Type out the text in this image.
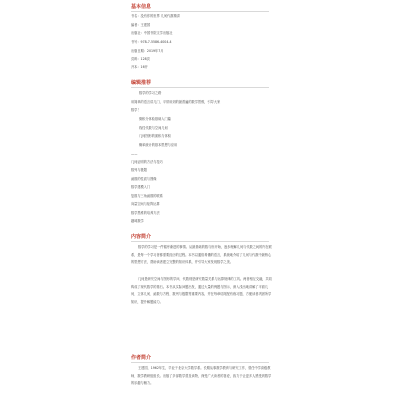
基本信息
书名：没有你的世界 几何代数精讲
编者：王建国
出版社：中国书院文学出版社
书号：978-7-5586-4004-4
出版日期：2019年7月
页码：128页
开本：16开
编辑推荐
数学的学习之路
用简单的语言讲几门，平常用到的最普遍的数学思维，引导大家
数学！
微积分体验基础入门篇
线性代数与空间几何
几何图形的面积与体积
概率统计的基本思想与应用
——
几何证明的方法与技巧
数列与极限
函数的性质与图像
数学建模入门
复数与三角函数的联系
向量空间与矩阵运算
数学思维的培养方法
趣味数学
内容简介

数学的学习是一件循序渐进的事情。从最基础的数与形开始，逐步理解几何与代数之间的内在联系，是每一个学习者都需要经历的过程。本书以通俗易懂的语言，系统地介绍了几何与代数中最核心的思想方法，帮助读者建立完整的知识体系，并引导大家发现数学之美。

几何是研究空间与图形的学问，代数则是研究数量关系与运算规律的工具。两者相互交融，共同构成了现代数学的基石。本书从实际问题出发，通过大量的例题与图示，深入浅出地讲解了平面几何、立体几何、函数与方程、数列与极限等重要内容，并在每章结尾配有练习题，方便读者巩固所学知识，提升解题能力。

作者简介

王建国，1962年生，毕业于北京大学数学系。长期从事数学教育与研究工作，曾任中学高级教师、数学教研组组长。出版了多部数学普及读物，深受广大读者的喜爱，致力于让更多人感受到数学的乐趣与魅力。
